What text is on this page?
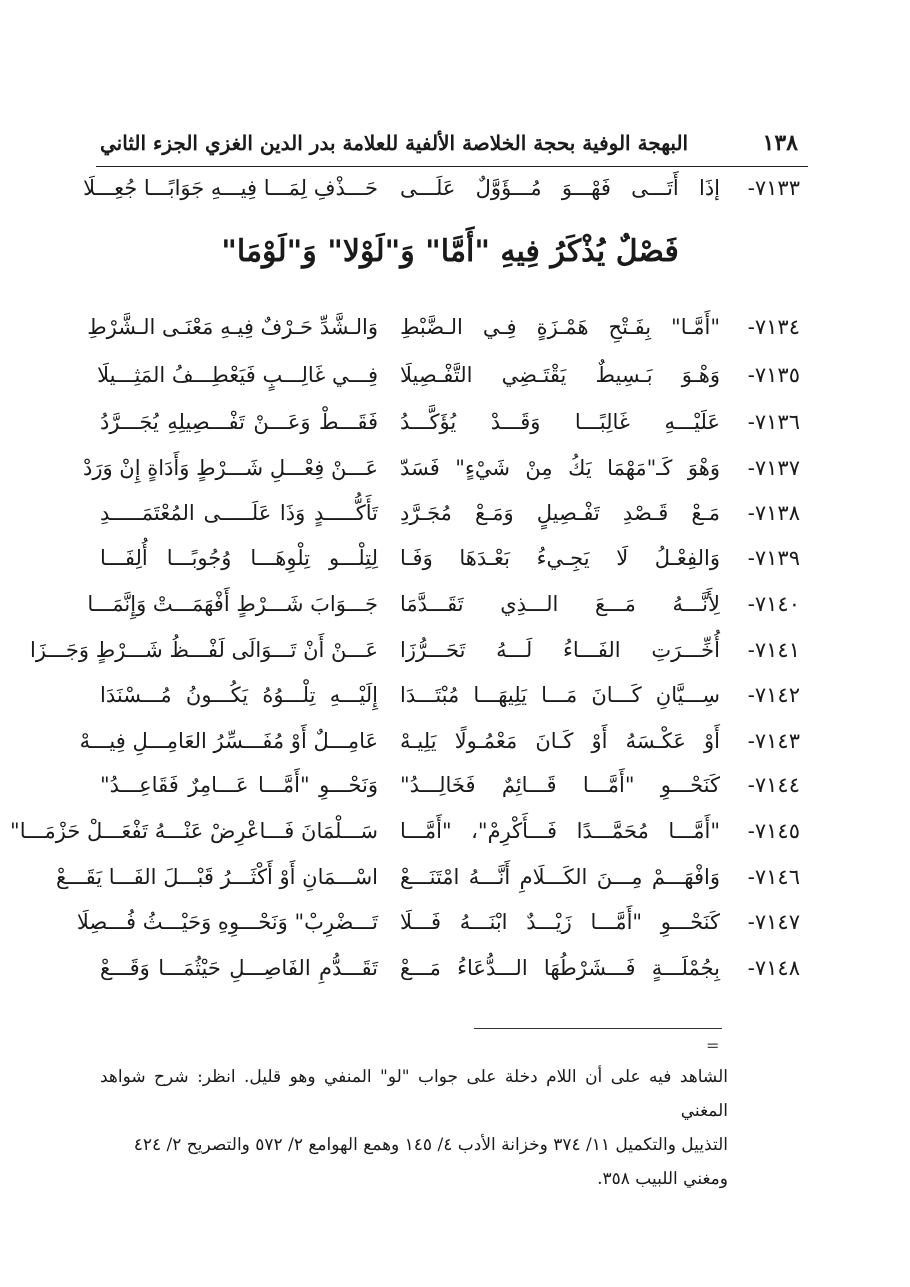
١٣٨
البهجة الوفية بحجة الخلاصة الألفية للعلامة بدر الدين الغزي الجزء الثاني
٧١٣٣-
إذَا أَتَـــى فَهْـــوَ مُـــؤَوَّلٌ عَلَـــى
حَـــذْفِ لِمَـــا فِيـــهِ جَوَابًـــا جُعِـــلَا
فَصْلٌ يُذْكَرُ فِيهِ "أَمَّا" وَ"لَوْلا" وَ"لَوْمَا"
٧١٣٤-
"أَمَّـا" بِفَـتْحِ هَمْـزَةٍ فِـي الـضَّبْطِ
وَالـشَّدِّ حَـرْفٌ فِيـهِ مَعْنَـى الـشَّرْطِ
٧١٣٥-
وَهْـوَ بَـسِيطٌ يَقْتَـضِي التَّفْـصِيلَا
فِـــي غَالِـــبٍ فَيَعْطِـــفُ المَثِـــيلَا
٧١٣٦-
عَلَيْـــهِ غَالِبًـــا وَقَـــدْ يُؤَكَّـــدُ
فَقَـــطْ وَعَـــنْ تَفْـــصِيلِهِ يُجَـــرَّدُ
٧١٣٧-
وَهْوَ كَـ"مَهْمَا يَكُ مِنْ شَيْءٍ" فَسَدّ
عَـــنْ فِعْـــلِ شَـــرْطٍ وَأَدَاةٍ إِنْ وَرَدْ
٧١٣٨-
مَـعْ قَـصْدِ تَفْـصِيلٍ وَمَـعْ مُجَـرَّدِ
تَأَكُّـــــدٍ وَذَا عَلَـــــى المُعْتَمَـــــدِ
٧١٣٩-
وَالفِعْـلُ لَا يَجِـيءُ بَعْـدَهَا وَفَـا
لِتِلْـــو تِلْوِهَـــا وُجُوبًـــا أُلِفَـــا
٧١٤٠-
لِأَنَّـــهُ مَـــعَ الـــذِي تَقَـــدَّمَا
جَـــوَابَ شَـــرْطٍ أَفْهَمَـــتْ وَإِنَّمَـــا
٧١٤١-
أُخِّـــرَتِ الفَـــاءُ لَـــهُ تَحَـــرُّزَا
عَـــنْ أَنْ تَـــوَالَى لَفْـــظُ شَـــرْطٍ وَجَـــزَا
٧١٤٢-
سِـــيَّانِ كَـــانَ مَـــا يَلِيهَـــا مُبْتَـــدَا
إِلَيْـــهِ تِلْـــوُهُ يَكُـــونُ مُـــسْنَدَا
٧١٤٣-
أَوْ عَكْـسَهُ أَوْ كَـانَ مَعْمُـولًا يَلِيـهْ
عَامِـــلٌ أَوْ مُفَـــسِّرُ العَامِـــلِ فِيـــهْ
٧١٤٤-
كَنَحْـــوِ "أَمَّـــا قَـــائِمٌ فَخَالِـــدُ"
وَنَحْـــوِ "أَمَّـــا عَـــامِرٌ فَقَاعِـــدُ"
٧١٤٥-
"أَمَّـــا مُحَمَّـــدًا فَـــأَكْرِمْ"، "أَمَّـــا
سَـــلْمَانَ فَـــاعْرِضْ عَنْـــهُ تَفْعَـــلْ حَزْمَـــا"
٧١٤٦-
وَافْهَـــمْ مِـــنَ الكَـــلَامِ أَنَّـــهُ امْتَنَـــعْ
اسْـــمَانِ أَوْ أَكْثَـــرُ قَبْـــلَ الفَـــا يَقَـــعْ
٧١٤٧-
كَنَحْـــوِ "أَمَّـــا زَيْـــدٌ ابْنَـــهُ فَـــلَا
تَـــضْرِبْ" وَنَحْـــوِهِ وَحَيْـــثُ فُـــصِلَا
٧١٤٨-
بِجُمْلَـــةٍ فَـــشَرْطُهَا الـــدُّعَاءُ مَـــعْ
تَقَـــدُّمِ الفَاصِـــلِ حَيْثُمَـــا وَقَـــعْ
=

الشاهد فيه على أن اللام دخلة على جواب "لو" المنفي وهو قليل. انظر: شرح شواهد المغني

التذييل والتكميل ١١/ ٣٧٤ وخزانة الأدب ٤/ ١٤٥ وهمع الهوامع ٢/ ٥٧٢ والتصريح ٢/ ٤٢٤

ومغني اللبيب ٣٥٨.
